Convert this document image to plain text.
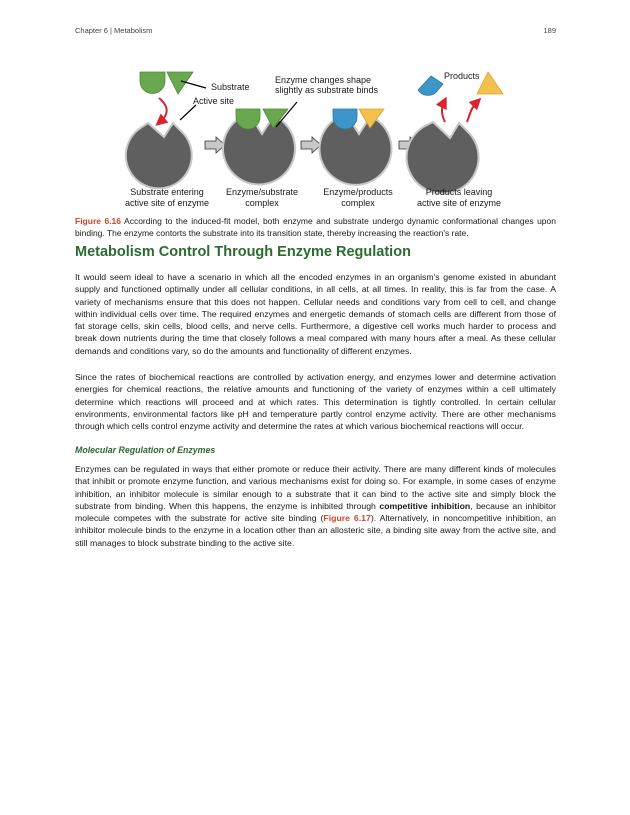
Chapter 6 | Metabolism	189
Substrate
Active site
Enzyme changes shape
slightly as substrate binds
Products
Substrate entering
active site of enzyme
Enzyme/substrate
complex
Enzyme/products
complex
Products leaving
active site of enzyme

Figure 6.16 According to the induced-fit model, both enzyme and substrate undergo dynamic conformational changes upon binding. The enzyme contorts the substrate into its transition state, thereby increasing the reaction's rate.

Metabolism Control Through Enzyme Regulation

It would seem ideal to have a scenario in which all the encoded enzymes in an organism's genome existed in abundant supply and functioned optimally under all cellular conditions, in all cells, at all times. In reality, this is far from the case. A variety of mechanisms ensure that this does not happen. Cellular needs and conditions vary from cell to cell, and change within individual cells over time. The required enzymes and energetic demands of stomach cells are different from those of fat storage cells, skin cells, blood cells, and nerve cells. Furthermore, a digestive cell works much harder to process and break down nutrients during the time that closely follows a meal compared with many hours after a meal. As these cellular demands and conditions vary, so do the amounts and functionality of different enzymes.

Since the rates of biochemical reactions are controlled by activation energy, and enzymes lower and determine activation energies for chemical reactions, the relative amounts and functioning of the variety of enzymes within a cell ultimately determine which reactions will proceed and at which rates. This determination is tightly controlled. In certain cellular environments, environmental factors like pH and temperature partly control enzyme activity. There are other mechanisms through which cells control enzyme activity and determine the rates at which various biochemical reactions will occur.

Molecular Regulation of Enzymes

Enzymes can be regulated in ways that either promote or reduce their activity. There are many different kinds of molecules that inhibit or promote enzyme function, and various mechanisms exist for doing so. For example, in some cases of enzyme inhibition, an inhibitor molecule is similar enough to a substrate that it can bind to the active site and simply block the substrate from binding. When this happens, the enzyme is inhibited through competitive inhibition, because an inhibitor molecule competes with the substrate for active site binding (Figure 6.17). Alternatively, in noncompetitive inhibition, an inhibitor molecule binds to the enzyme in a location other than an allosteric site, a binding site away from the active site, and still manages to block substrate binding to the active site.
